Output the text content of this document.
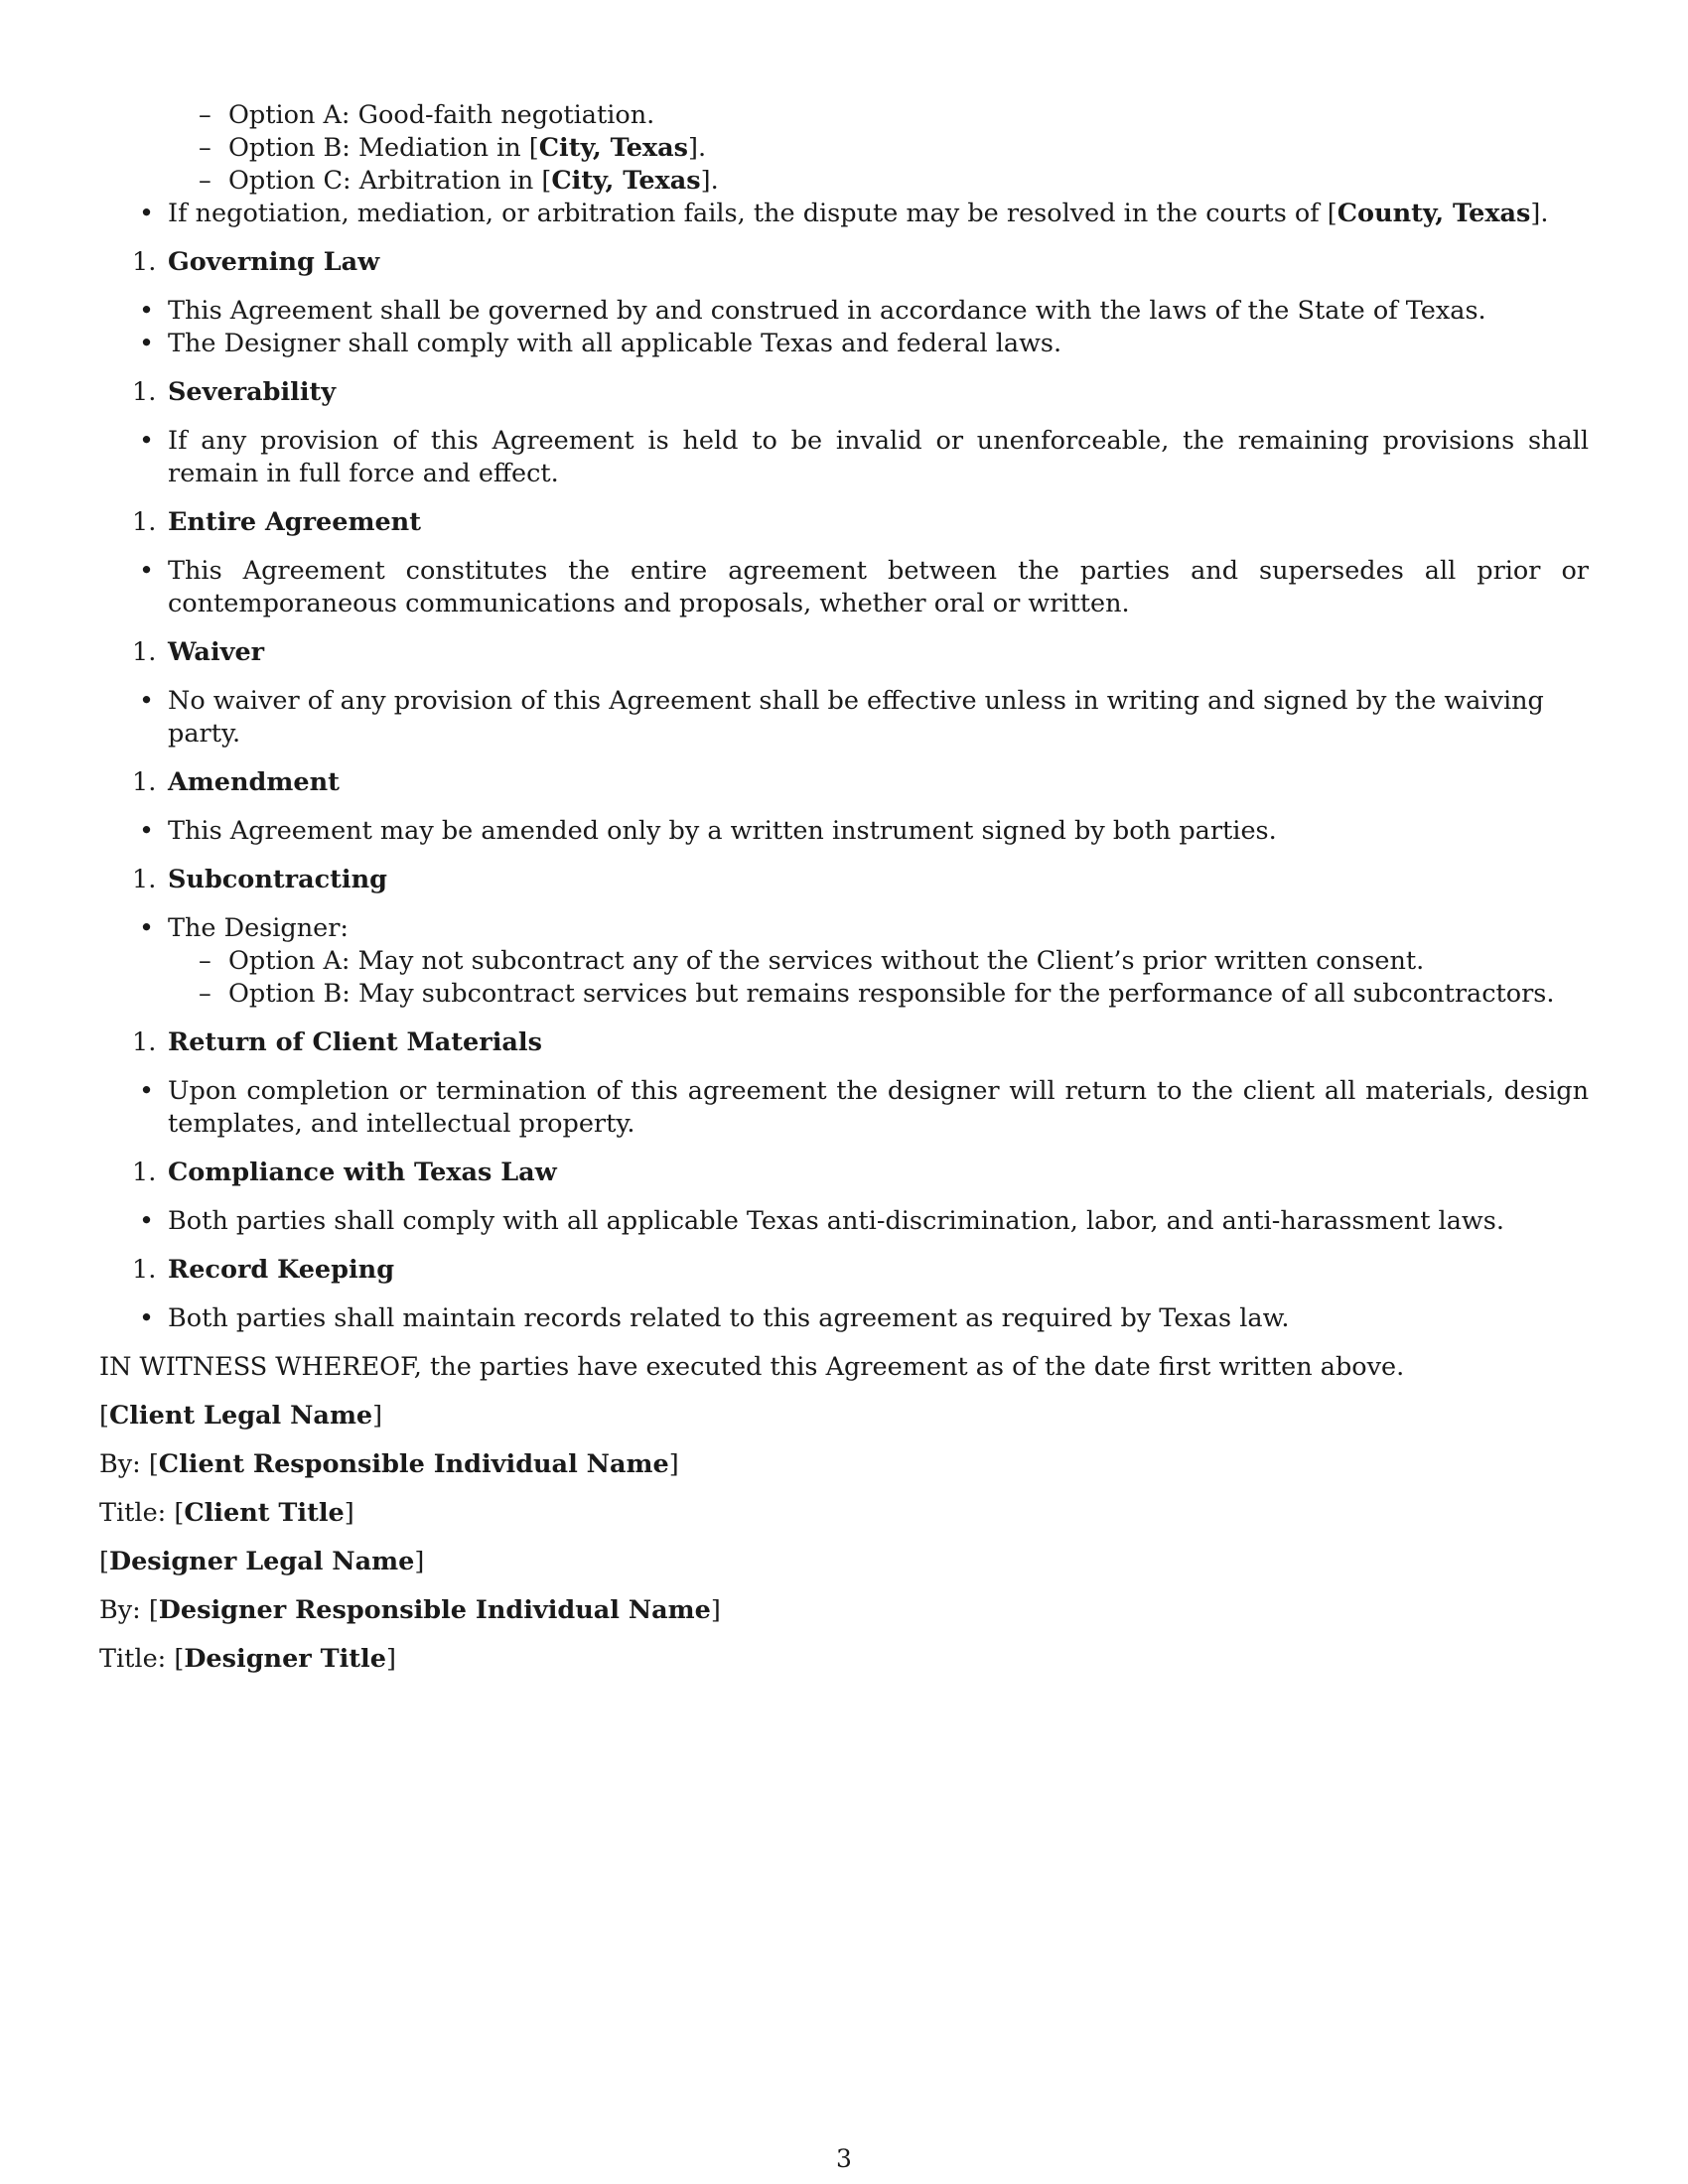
– Option A: Good-faith negotiation.
– Option B: Mediation in [City, Texas].
– Option C: Arbitration in [City, Texas].
• If negotiation, mediation, or arbitration fails, the dispute may be resolved in the courts of [County, Texas].
1. Governing Law
• This Agreement shall be governed by and construed in accordance with the laws of the State of Texas.
• The Designer shall comply with all applicable Texas and federal laws.
1. Severability
• If any provision of this Agreement is held to be invalid or unenforceable, the remaining provisions shall remain in full force and effect.
1. Entire Agreement
• This Agreement constitutes the entire agreement between the parties and supersedes all prior or contemporaneous communications and proposals, whether oral or written.
1. Waiver
• No waiver of any provision of this Agreement shall be effective unless in writing and signed by the waiving party.
1. Amendment
• This Agreement may be amended only by a written instrument signed by both parties.
1. Subcontracting
• The Designer:
– Option A: May not subcontract any of the services without the Client’s prior written consent.
– Option B: May subcontract services but remains responsible for the performance of all subcontractors.
1. Return of Client Materials
• Upon completion or termination of this agreement the designer will return to the client all materials, design templates, and intellectual property.
1. Compliance with Texas Law
• Both parties shall comply with all applicable Texas anti-discrimination, labor, and anti-harassment laws.
1. Record Keeping
• Both parties shall maintain records related to this agreement as required by Texas law.
IN WITNESS WHEREOF, the parties have executed this Agreement as of the date first written above.
[Client Legal Name]
By: [Client Responsible Individual Name]
Title: [Client Title]
[Designer Legal Name]
By: [Designer Responsible Individual Name]
Title: [Designer Title]
3
